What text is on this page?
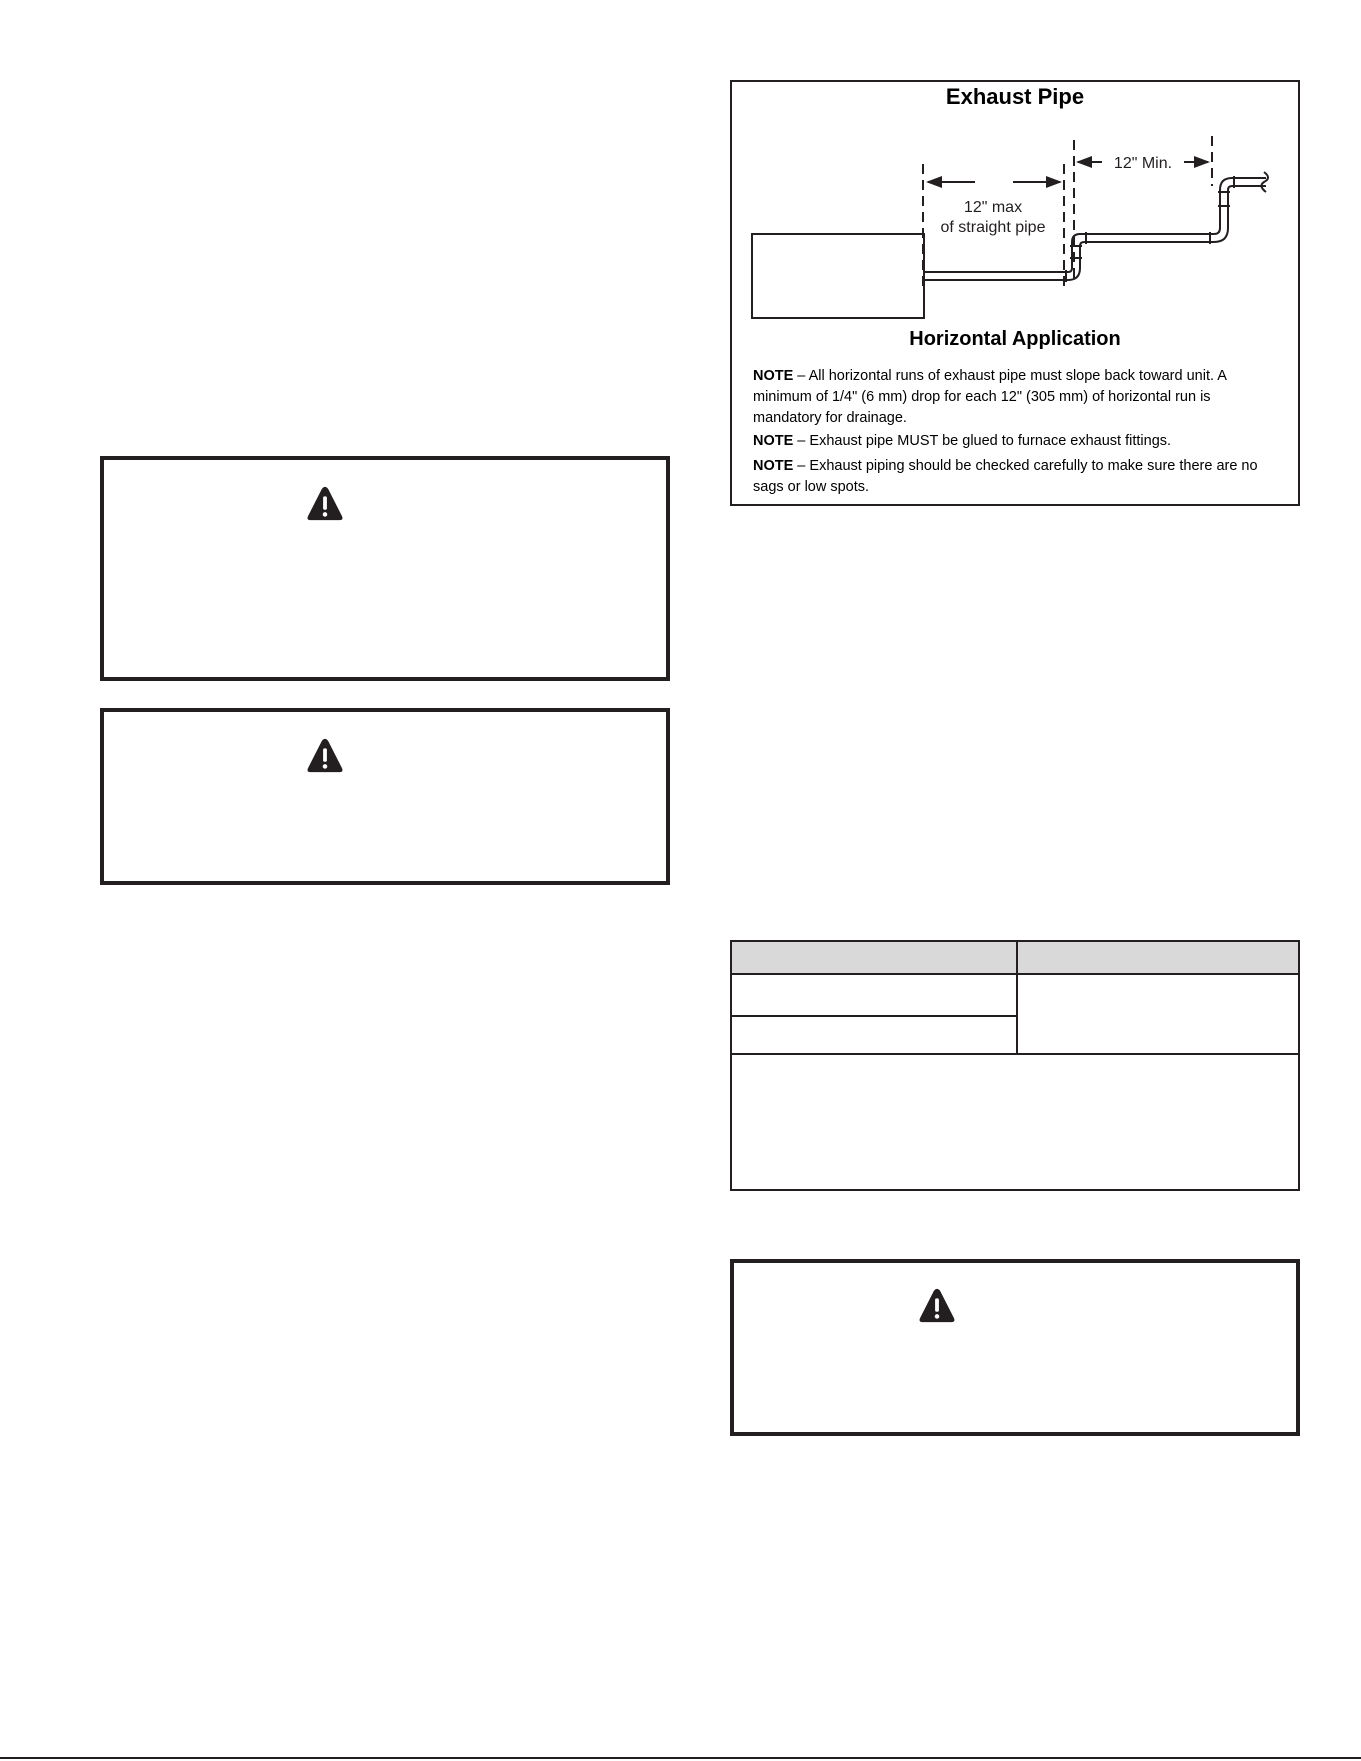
Exhaust Pipe
12" Min.
12" max
of straight pipe
Horizontal Application
NOTE – All horizontal runs of exhaust pipe must slope back toward unit. A minimum of 1/4" (6 mm) drop for each 12" (305 mm) of horizontal run is mandatory for drainage.
NOTE – Exhaust pipe MUST be glued to furnace exhaust fittings.
NOTE – Exhaust piping should be checked carefully to make sure there are no sags or low spots.
